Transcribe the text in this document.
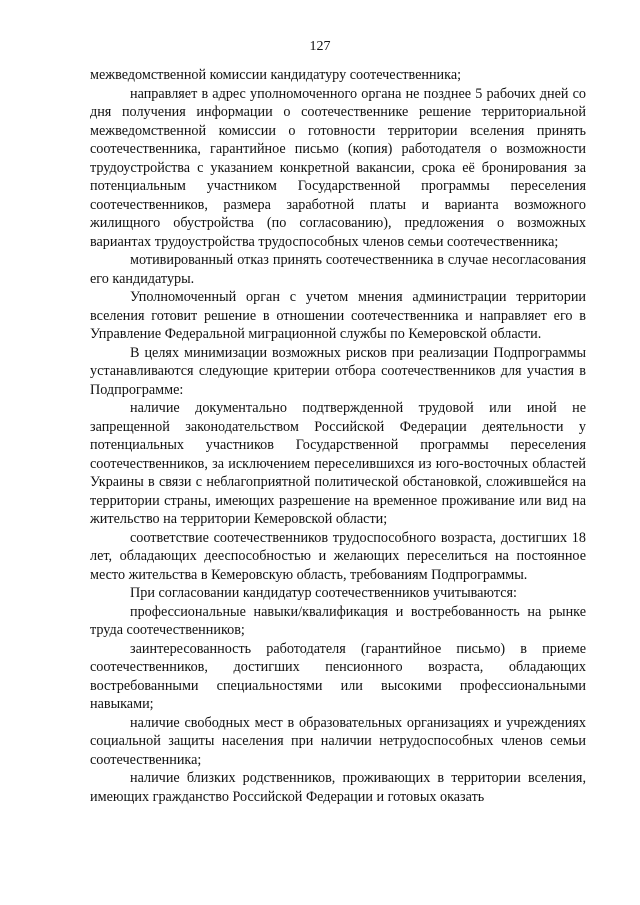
127

межведомственной комиссии кандидатуру соотечественника;

направляет в адрес уполномоченного органа не позднее 5 рабочих дней со дня получения информации о соотечественнике решение территориальной межведомственной комиссии о готовности территории вселения принять соотечественника, гарантийное письмо (копия) работодателя о возможности трудоустройства с указанием конкретной вакансии, срока её бронирования за потенциальным участником Государственной программы переселения соотечественников, размера заработной платы и варианта возможного жилищного обустройства (по согласованию), предложения о возможных вариантах трудоустройства трудоспособных членов семьи соотечественника;

мотивированный отказ принять соотечественника в случае несогласования его кандидатуры.

Уполномоченный орган с учетом мнения администрации территории вселения готовит решение в отношении соотечественника и направляет его в Управление Федеральной миграционной службы по Кемеровской области.

В целях минимизации возможных рисков при реализации Подпрограммы устанавливаются следующие критерии отбора соотечественников для участия в Подпрограмме:

наличие документально подтвержденной трудовой или иной не запрещенной законодательством Российской Федерации деятельности у потенциальных участников Государственной программы переселения соотечественников, за исключением переселившихся из юго-восточных областей Украины в связи с неблагоприятной политической обстановкой, сложившейся на территории страны, имеющих разрешение на временное проживание или вид на жительство на территории Кемеровской области;

соответствие соотечественников трудоспособного возраста, достигших 18 лет, обладающих дееспособностью и желающих переселиться на постоянное место жительства в Кемеровскую область, требованиям Подпрограммы.

При согласовании кандидатур соотечественников учитываются:

профессиональные навыки/квалификация и востребованность на рынке труда соотечественников;

заинтересованность работодателя (гарантийное письмо) в приеме соотечественников, достигших пенсионного возраста, обладающих востребованными специальностями или высокими профессиональными навыками;

наличие свободных мест в образовательных организациях и учреждениях социальной защиты населения при наличии нетрудоспособных членов семьи соотечественника;

наличие близких родственников, проживающих в территории вселения, имеющих гражданство Российской Федерации и готовых оказать
